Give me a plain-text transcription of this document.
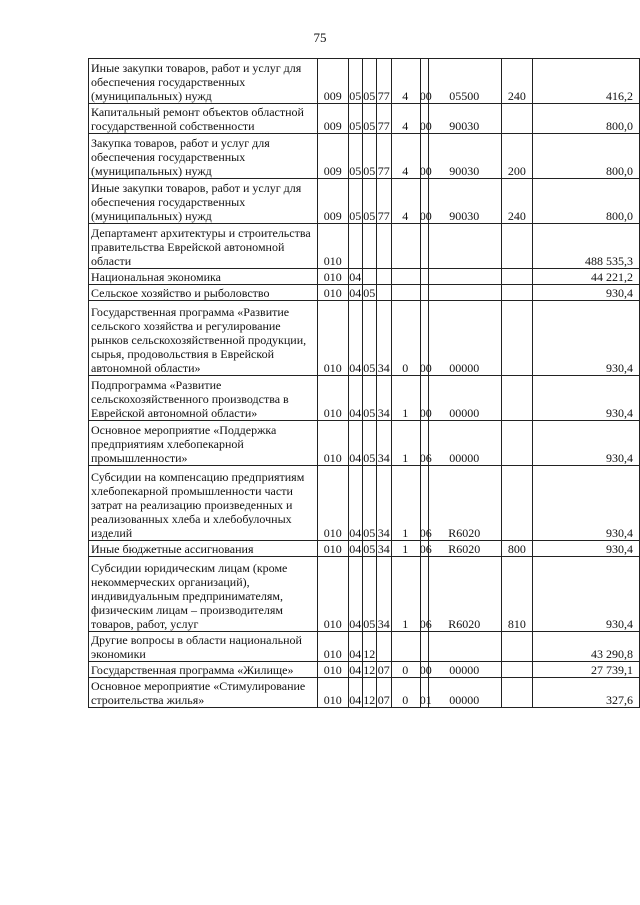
75
Иные закупки товаров, работ и услуг для обеспечения государственных (муниципальных) нужд	009	05	05	77 4 00 05500	240	416,2
Капитальный ремонт объектов областной государственной собственности	009	05	05	77 4 00 90030		800,0
Закупка товаров, работ и услуг для обеспечения государственных (муниципальных) нужд	009	05	05	77 4 00 90030	200	800,0
Иные закупки товаров, работ и услуг для обеспечения государственных (муниципальных) нужд	009	05	05	77 4 00 90030	240	800,0
Департамент архитектуры и строительства правительства Еврейской автономной области	010					488 535,3
Национальная экономика	010	04				44 221,2
Сельское хозяйство и рыболовство	010	04	05			930,4
Государственная программа «Развитие сельского хозяйства и регулирование рынков сельскохозяйственной продукции, сырья, продовольствия в Еврейской автономной области»	010	04	05	34 0 00 00000		930,4
Подпрограмма «Развитие сельскохозяйственного производства в Еврейской автономной области»	010	04	05	34 1 00 00000		930,4
Основное мероприятие «Поддержка предприятиям хлебопекарной промышленности»	010	04	05	34 1 06 00000		930,4
Субсидии на компенсацию предприятиям хлебопекарной промышленности части затрат на реализацию произведенных и реализованных хлеба и хлебобулочных изделий	010	04	05	34 1 06 R6020		930,4
Иные бюджетные ассигнования	010	04	05	34 1 06 R6020	800	930,4
Субсидии юридическим лицам (кроме некоммерческих организаций), индивидуальным предпринимателям, физическим лицам – производителям товаров, работ, услуг	010	04	05	34 1 06 R6020	810	930,4
Другие вопросы в области национальной экономики	010	04	12			43 290,8
Государственная программа «Жилище»	010	04	12	07 0 00 00000		27 739,1
Основное мероприятие «Стимулирование строительства жилья»	010	04	12	07 0 01 00000		327,6
